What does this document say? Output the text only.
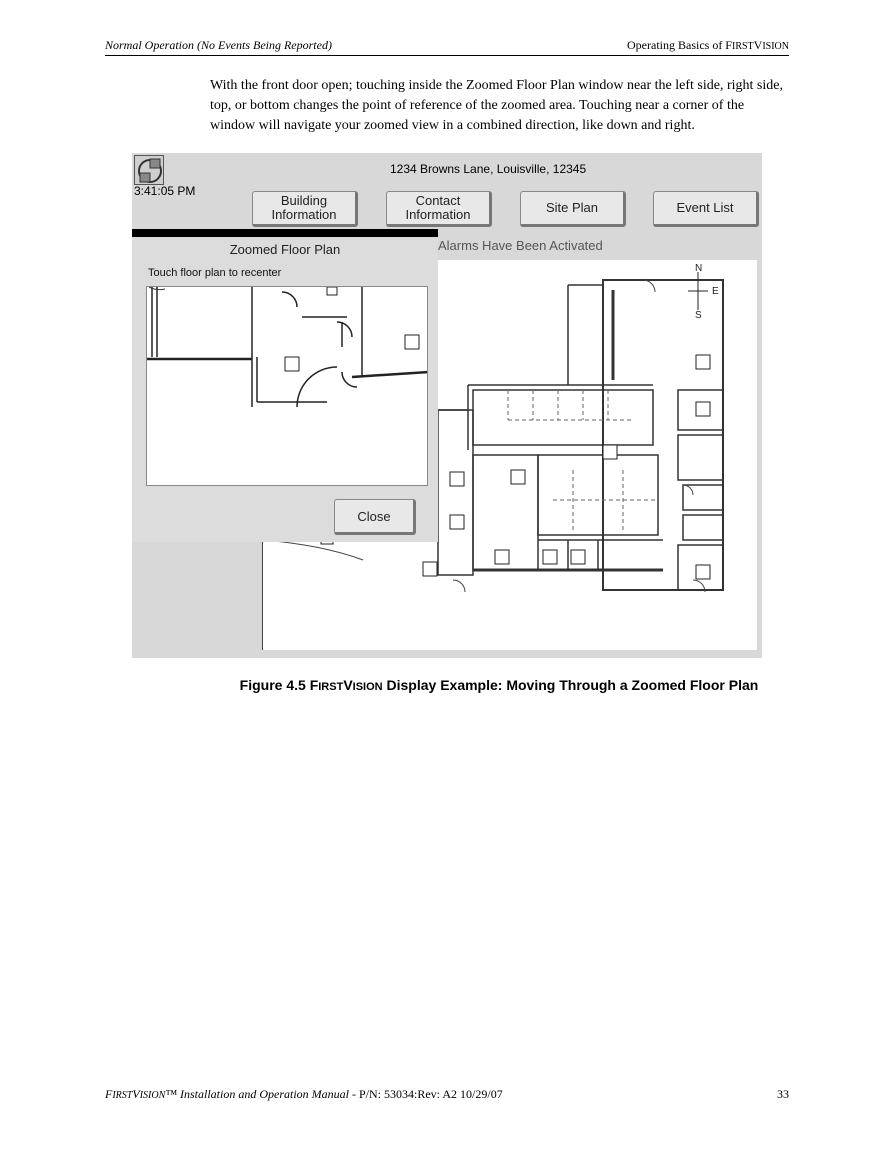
Normal Operation (No Events Being Reported)	Operating Basics of FIRSTVISION

With the front door open; touching inside the Zoomed Floor Plan window near the left side, right side, top, or bottom changes the point of reference of the zoomed area. Touching near a corner of the window will navigate your zoomed view in a combined direction, like down and right.

3:41:05 PM
1234 Browns Lane, Louisville, 12345
Building
Information
Contact
Information	Site Plan	Event List
Alarms Have Been Activated
N
E
S
Zoomed Floor Plan
Touch floor plan to recenter
Close
Figure 4.5 FIRSTVISION Display Example: Moving Through a Zoomed Floor Plan
FIRSTVISION™ Installation and Operation Manual - P/N: 53034:Rev: A2 10/29/07	33
